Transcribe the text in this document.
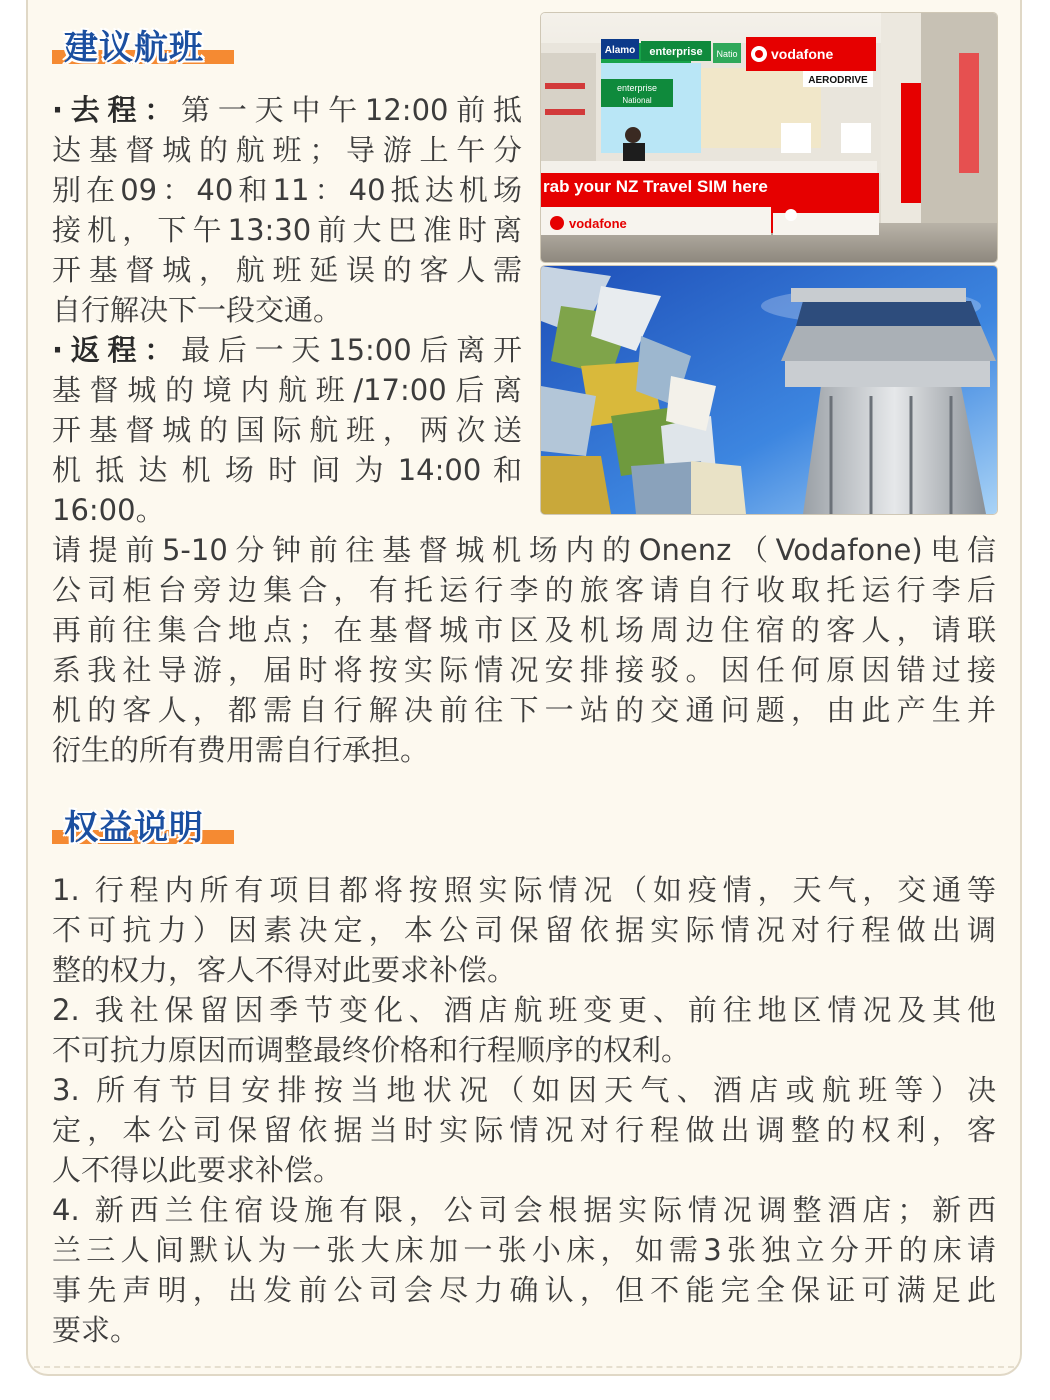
建议航班

·去程：第一天中午12:00前抵

达基督城的航班；导游上午分

别在09：40和11：40抵达机场

接机，下午13:30前大巴准时离

开基督城，航班延误的客人需

自行解决下一段交通。

·返程：最后一天15:00后离开

基督城的境内航班/17:00后离

开基督城的国际航班，两次送

机 抵 达 机 场 时 间 为 14:00 和

16:00。

Alamo enterprise Natio vodafone
AERODRIVE
enterprise
National
rab your NZ Travel SIM here
vodafone

请提前5-10分钟前往基督城机场内的Onenz（Vodafone)电信

公司柜台旁边集合，有托运行李的旅客请自行收取托运行李后

再前往集合地点；在基督城市区及机场周边住宿的客人，请联

系我社导游，届时将按实际情况安排接驳。因任何原因错过接

机的客人，都需自行解决前往下一站的交通问题，由此产生并

衍生的所有费用需自行承担。

权益说明

1. 行程内所有项目都将按照实际情况（如疫情，天气，交通等

不可抗力）因素决定，本公司保留依据实际情况对行程做出调

整的权力，客人不得对此要求补偿。

2. 我社保留因季节变化、酒店航班变更、前往地区情况及其他

不可抗力原因而调整最终价格和行程顺序的权利。

3. 所有节目安排按当地状况（如因天气、酒店或航班等）决

定，本公司保留依据当时实际情况对行程做出调整的权利，客

人不得以此要求补偿。

4. 新西兰住宿设施有限，公司会根据实际情况调整酒店；新西

兰三人间默认为一张大床加一张小床，如需3张独立分开的床请

事先声明，出发前公司会尽力确认，但不能完全保证可满足此

要求。
